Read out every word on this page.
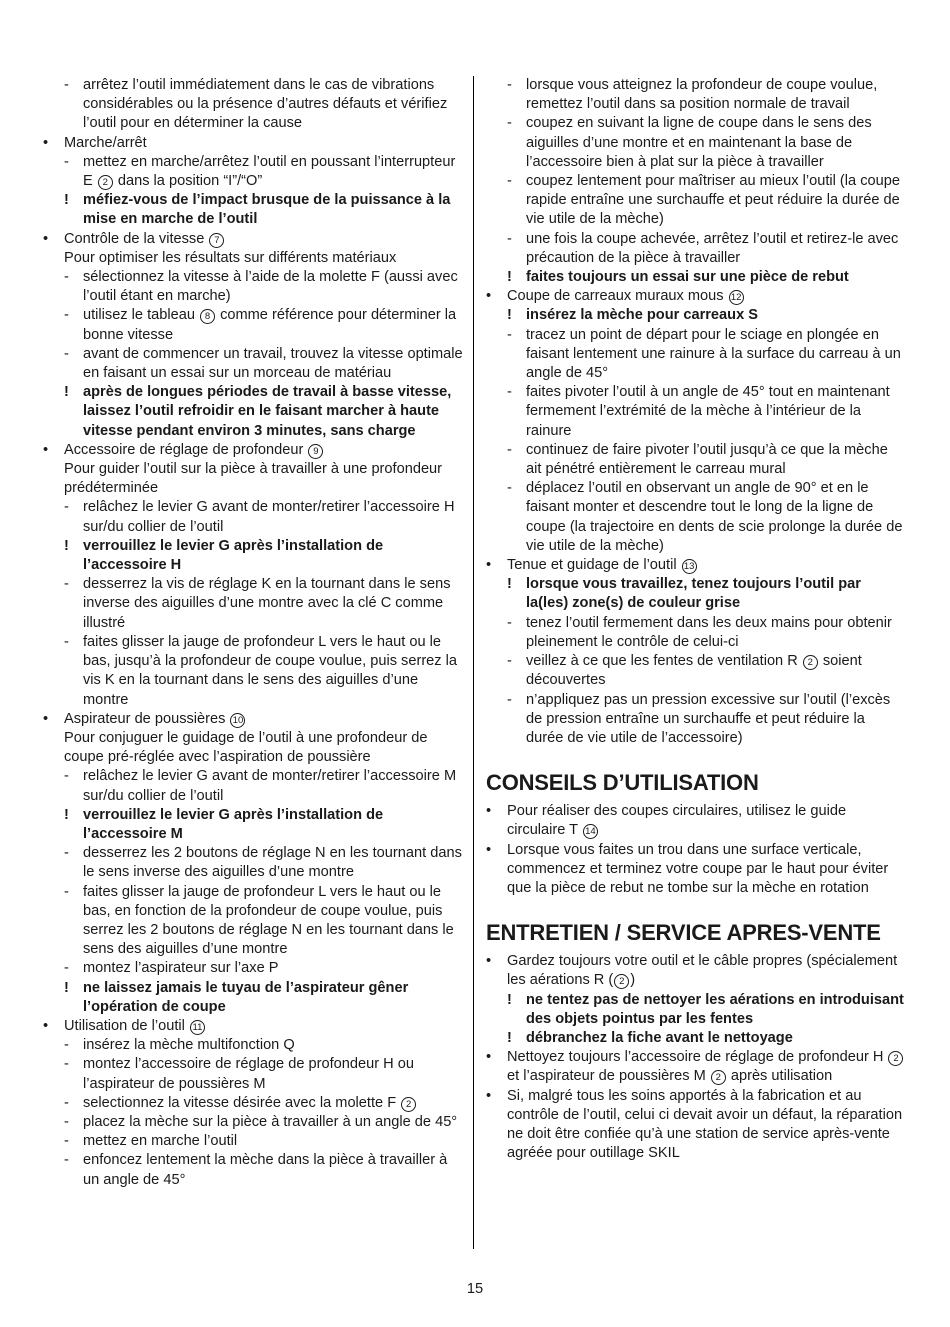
- arrêtez l’outil immédiatement dans le cas de vibrations considérables ou la présence d’autres défauts et vérifiez l’outil pour en déterminer la cause
• Marche/arrêt
- mettez en marche/arrêtez l’outil en poussant l’interrupteur E 2 dans la position “I”/“O”
! méfiez-vous de l’impact brusque de la puissance à la mise en marche de l’outil
• Contrôle de la vitesse 7
Pour optimiser les résultats sur différents matériaux
- sélectionnez la vitesse à l’aide de la molette F (aussi avec l’outil étant en marche)
- utilisez le tableau 8 comme référence pour déterminer la bonne vitesse
- avant de commencer un travail, trouvez la vitesse optimale en faisant un essai sur un morceau de matériau
! après de longues périodes de travail à basse vitesse, laissez l’outil refroidir en le faisant marcher à haute vitesse pendant environ 3 minutes, sans charge
• Accessoire de réglage de profondeur 9
Pour guider l’outil sur la pièce à travailler à une profondeur prédéterminée
- relâchez le levier G avant de monter/retirer l’accessoire H sur/du collier de l’outil
! verrouillez le levier G après l’installation de l’accessoire H
- desserrez la vis de réglage K en la tournant dans le sens inverse des aiguilles d’une montre avec la clé C comme illustré
- faites glisser la jauge de profondeur L vers le haut ou le bas, jusqu’à la profondeur de coupe voulue, puis serrez la vis K en la tournant dans le sens des aiguilles d’une montre
• Aspirateur de poussières 10
Pour conjuguer le guidage de l’outil à une profondeur de coupe pré-réglée avec l’aspiration de poussière
- relâchez le levier G avant de monter/retirer l’accessoire M sur/du collier de l’outil
! verrouillez le levier G après l’installation de l’accessoire M
- desserrez les 2 boutons de réglage N en les tournant dans le sens inverse des aiguilles d’une montre
- faites glisser la jauge de profondeur L vers le haut ou le bas, en fonction de la profondeur de coupe voulue, puis serrez les 2 boutons de réglage N en les tournant dans le sens des aiguilles d’une montre
- montez l’aspirateur sur l’axe P
! ne laissez jamais le tuyau de l’aspirateur gêner l’opération de coupe
• Utilisation de l’outil 11
- insérez la mèche multifonction Q
- montez l’accessoire de réglage de profondeur H ou l’aspirateur de poussières M
- selectionnez la vitesse désirée avec la molette F 2
- placez la mèche sur la pièce à travailler à un angle de 45°
- mettez en marche l’outil
- enfoncez lentement la mèche dans la pièce à travailler à un angle de 45°
- lorsque vous atteignez la profondeur de coupe voulue, remettez l’outil dans sa position normale de travail
- coupez en suivant la ligne de coupe dans le sens des aiguilles d’une montre et en maintenant la base de l’accessoire bien à plat sur la pièce à travailler
- coupez lentement pour maîtriser au mieux l’outil (la coupe rapide entraîne une surchauffe et peut réduire la durée de vie utile de la mèche)
- une fois la coupe achevée, arrêtez l’outil et retirez-le avec précaution de la pièce à travailler
! faites toujours un essai sur une pièce de rebut
• Coupe de carreaux muraux mous 12
! insérez la mèche pour carreaux S
- tracez un point de départ pour le sciage en plongée en faisant lentement une rainure à la surface du carreau à un angle de 45°
- faites pivoter l’outil à un angle de 45° tout en maintenant fermement l’extrémité de la mèche à l’intérieur de la rainure
- continuez de faire pivoter l’outil jusqu’à ce que la mèche ait pénétré entièrement le carreau mural
- déplacez l’outil en observant un angle de 90° et en le faisant monter et descendre tout le long de la ligne de coupe (la trajectoire en dents de scie prolonge la durée de vie utile de la mèche)
• Tenue et guidage de l’outil 13
! lorsque vous travaillez, tenez toujours l’outil par la(les) zone(s) de couleur grise
- tenez l’outil fermement dans les deux mains pour obtenir pleinement le contrôle de celui-ci
- veillez à ce que les fentes de ventilation R 2 soient découvertes
- n’appliquez pas un pression excessive sur l’outil (l’excès de pression entraîne un surchauffe et peut réduire la durée de vie utile de l’accessoire)
CONSEILS D’UTILISATION
• Pour réaliser des coupes circulaires, utilisez le guide circulaire T 14
• Lorsque vous faites un trou dans une surface verticale, commencez et terminez votre coupe par le haut pour éviter que la pièce de rebut ne tombe sur la mèche en rotation
ENTRETIEN / SERVICE APRES-VENTE
• Gardez toujours votre outil et le câble propres (spécialement les aérations R ( 2 )
! ne tentez pas de nettoyer les aérations en introduisant des objets pointus par les fentes
! débranchez la fiche avant le nettoyage
• Nettoyez toujours l’accessoire de réglage de profondeur H 2 et l’aspirateur de poussières M 2 après utilisation
• Si, malgré tous les soins apportés à la fabrication et au contrôle de l’outil, celui ci devait avoir un défaut, la réparation ne doit être confiée qu’à une station de service après-vente agréée pour outillage SKIL
15
